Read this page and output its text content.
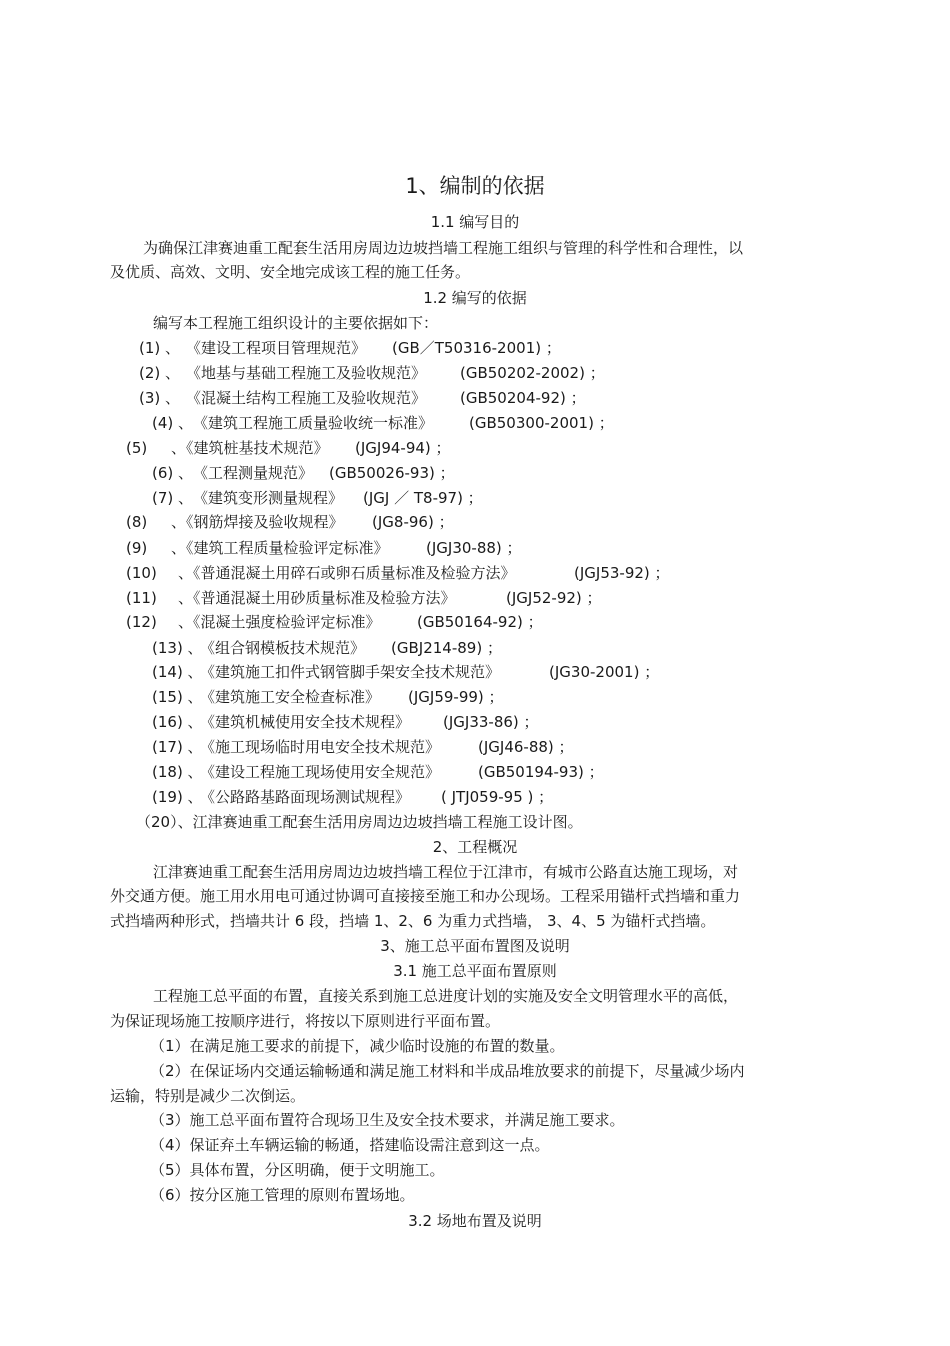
1、编制的依据
1.1 编写目的
为确保江津赛迪重工配套生活用房周边边坡挡墙工程施工组织与管理的科学性和合理性，以
及优质、高效、文明、安全地完成该工程的施工任务。
1.2 编写的依据
编写本工程施工组织设计的主要依据如下：
(1) 、 《建设工程项目管理规范》 (GB／T50316-2001) ；
(2) 、 《地基与基础工程施工及验收规范》 (GB50202-2002) ；
(3) 、 《混凝土结构工程施工及验收规范》 (GB50204-92) ；
(4) 、 《建筑工程施工质量验收统一标准》 (GB50300-2001) ；
(5) 、《建筑桩基技术规范》 (JGJ94-94) ；
(6) 、 《工程测量规范》 (GB50026-93) ；
(7) 、 《建筑变形测量规程》 (JGJ ／ T8-97) ；
(8) 、《钢筋焊接及验收规程》 (JG8-96) ；
(9) 、《建筑工程质量检验评定标准》 (JGJ30-88) ；
(10) 、《普通混凝土用碎石或卵石质量标准及检验方法》	(JGJ53-92) ；
(11) 、《普通混凝土用砂质量标准及检验方法》	(JGJ52-92) ；
(12) 、《混凝土强度检验评定标准》 (GB50164-92) ；
(13) 、
《组合钢模板技术规范》 (GBJ214-89) ；
(14) 、
《建筑施工扣件式钢管脚手架安全技术规范》	(JG30-2001) ；
(15) 、
《建筑施工安全检查标准》 (JGJ59-99) ；
(16) 、
《建筑机械使用安全技术规程》 (JGJ33-86) ；
(17) 、
《施工现场临时用电安全技术规范》	(JGJ46-88) ；
(18) 、
《建设工程施工现场使用安全规范》	(GB50194-93) ；
(19) 、
《公路路基路面现场测试规程》 ( JTJ059-95 ) ；
（20）、江津赛迪重工配套生活用房周边边坡挡墙工程施工设计图。
2、工程概况
江津赛迪重工配套生活用房周边边坡挡墙工程位于江津市，有城市公路直达施工现场，对
外交通方便。施工用水用电可通过协调可直接接至施工和办公现场。工程采用锚杆式挡墙和重力
式挡墙两种形式，挡墙共计 6 段，挡墙 1、2、6 为重力式挡墙， 3、4、5 为锚杆式挡墙。
3、施工总平面布置图及说明
3.1 施工总平面布置原则
工程施工总平面的布置，直接关系到施工总进度计划的实施及安全文明管理水平的高低，
为保证现场施工按顺序进行，将按以下原则进行平面布置。
（1）在满足施工要求的前提下，减少临时设施的布置的数量。
（2）在保证场内交通运输畅通和满足施工材料和半成品堆放要求的前提下，尽量减少场内
运输，特别是减少二次倒运。
（3）施工总平面布置符合现场卫生及安全技术要求，并满足施工要求。
（4）保证弃土车辆运输的畅通，搭建临设需注意到这一点。
（5）具体布置，分区明确，便于文明施工。
（6）按分区施工管理的原则布置场地。
3.2 场地布置及说明
